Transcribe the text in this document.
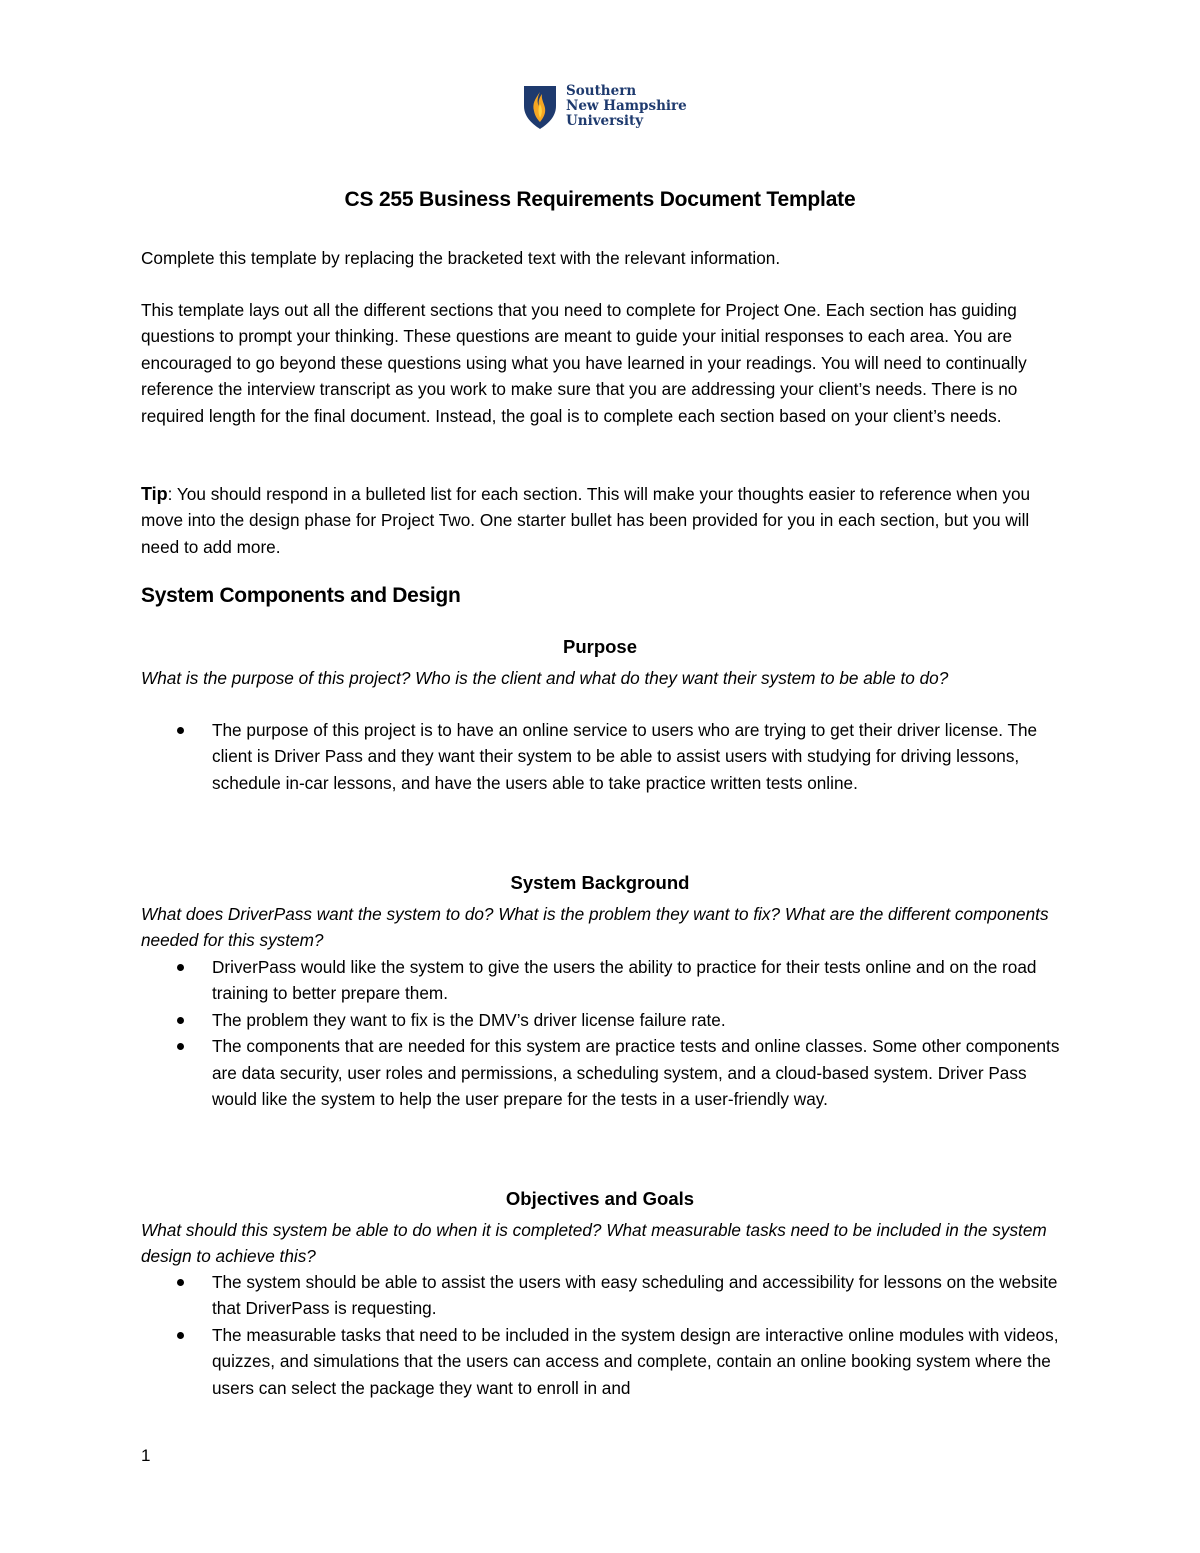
Southern
New Hampshire
University
CS 255 Business Requirements Document Template
Complete this template by replacing the bracketed text with the relevant information.
This template lays out all the different sections that you need to complete for Project One. Each section has guiding questions to prompt your thinking. These questions are meant to guide your initial responses to each area. You are encouraged to go beyond these questions using what you have learned in your readings. You will need to continually reference the interview transcript as you work to make sure that you are addressing your client’s needs. There is no required length for the final document. Instead, the goal is to complete each section based on your client’s needs.
Tip: You should respond in a bulleted list for each section. This will make your thoughts easier to reference when you move into the design phase for Project Two. One starter bullet has been provided for you in each section, but you will need to add more.
System Components and Design
Purpose
What is the purpose of this project? Who is the client and what do they want their system to be able to do?
The purpose of this project is to have an online service to users who are trying to get their driver license. The client is Driver Pass and they want their system to be able to assist users with studying for driving lessons, schedule in-car lessons, and have the users able to take practice written tests online.
System Background
What does DriverPass want the system to do? What is the problem they want to fix? What are the different components needed for this system?
DriverPass would like the system to give the users the ability to practice for their tests online and on the road training to better prepare them.
The problem they want to fix is the DMV’s driver license failure rate.
The components that are needed for this system are practice tests and online classes. Some other components are data security, user roles and permissions, a scheduling system, and a cloud-based system. Driver Pass would like the system to help the user prepare for the tests in a user-friendly way.
Objectives and Goals
What should this system be able to do when it is completed? What measurable tasks need to be included in the system design to achieve this?
The system should be able to assist the users with easy scheduling and accessibility for lessons on the website that DriverPass is requesting.
The measurable tasks that need to be included in the system design are interactive online modules with videos, quizzes, and simulations that the users can access and complete, contain an online booking system where the users can select the package they want to enroll in and
1
